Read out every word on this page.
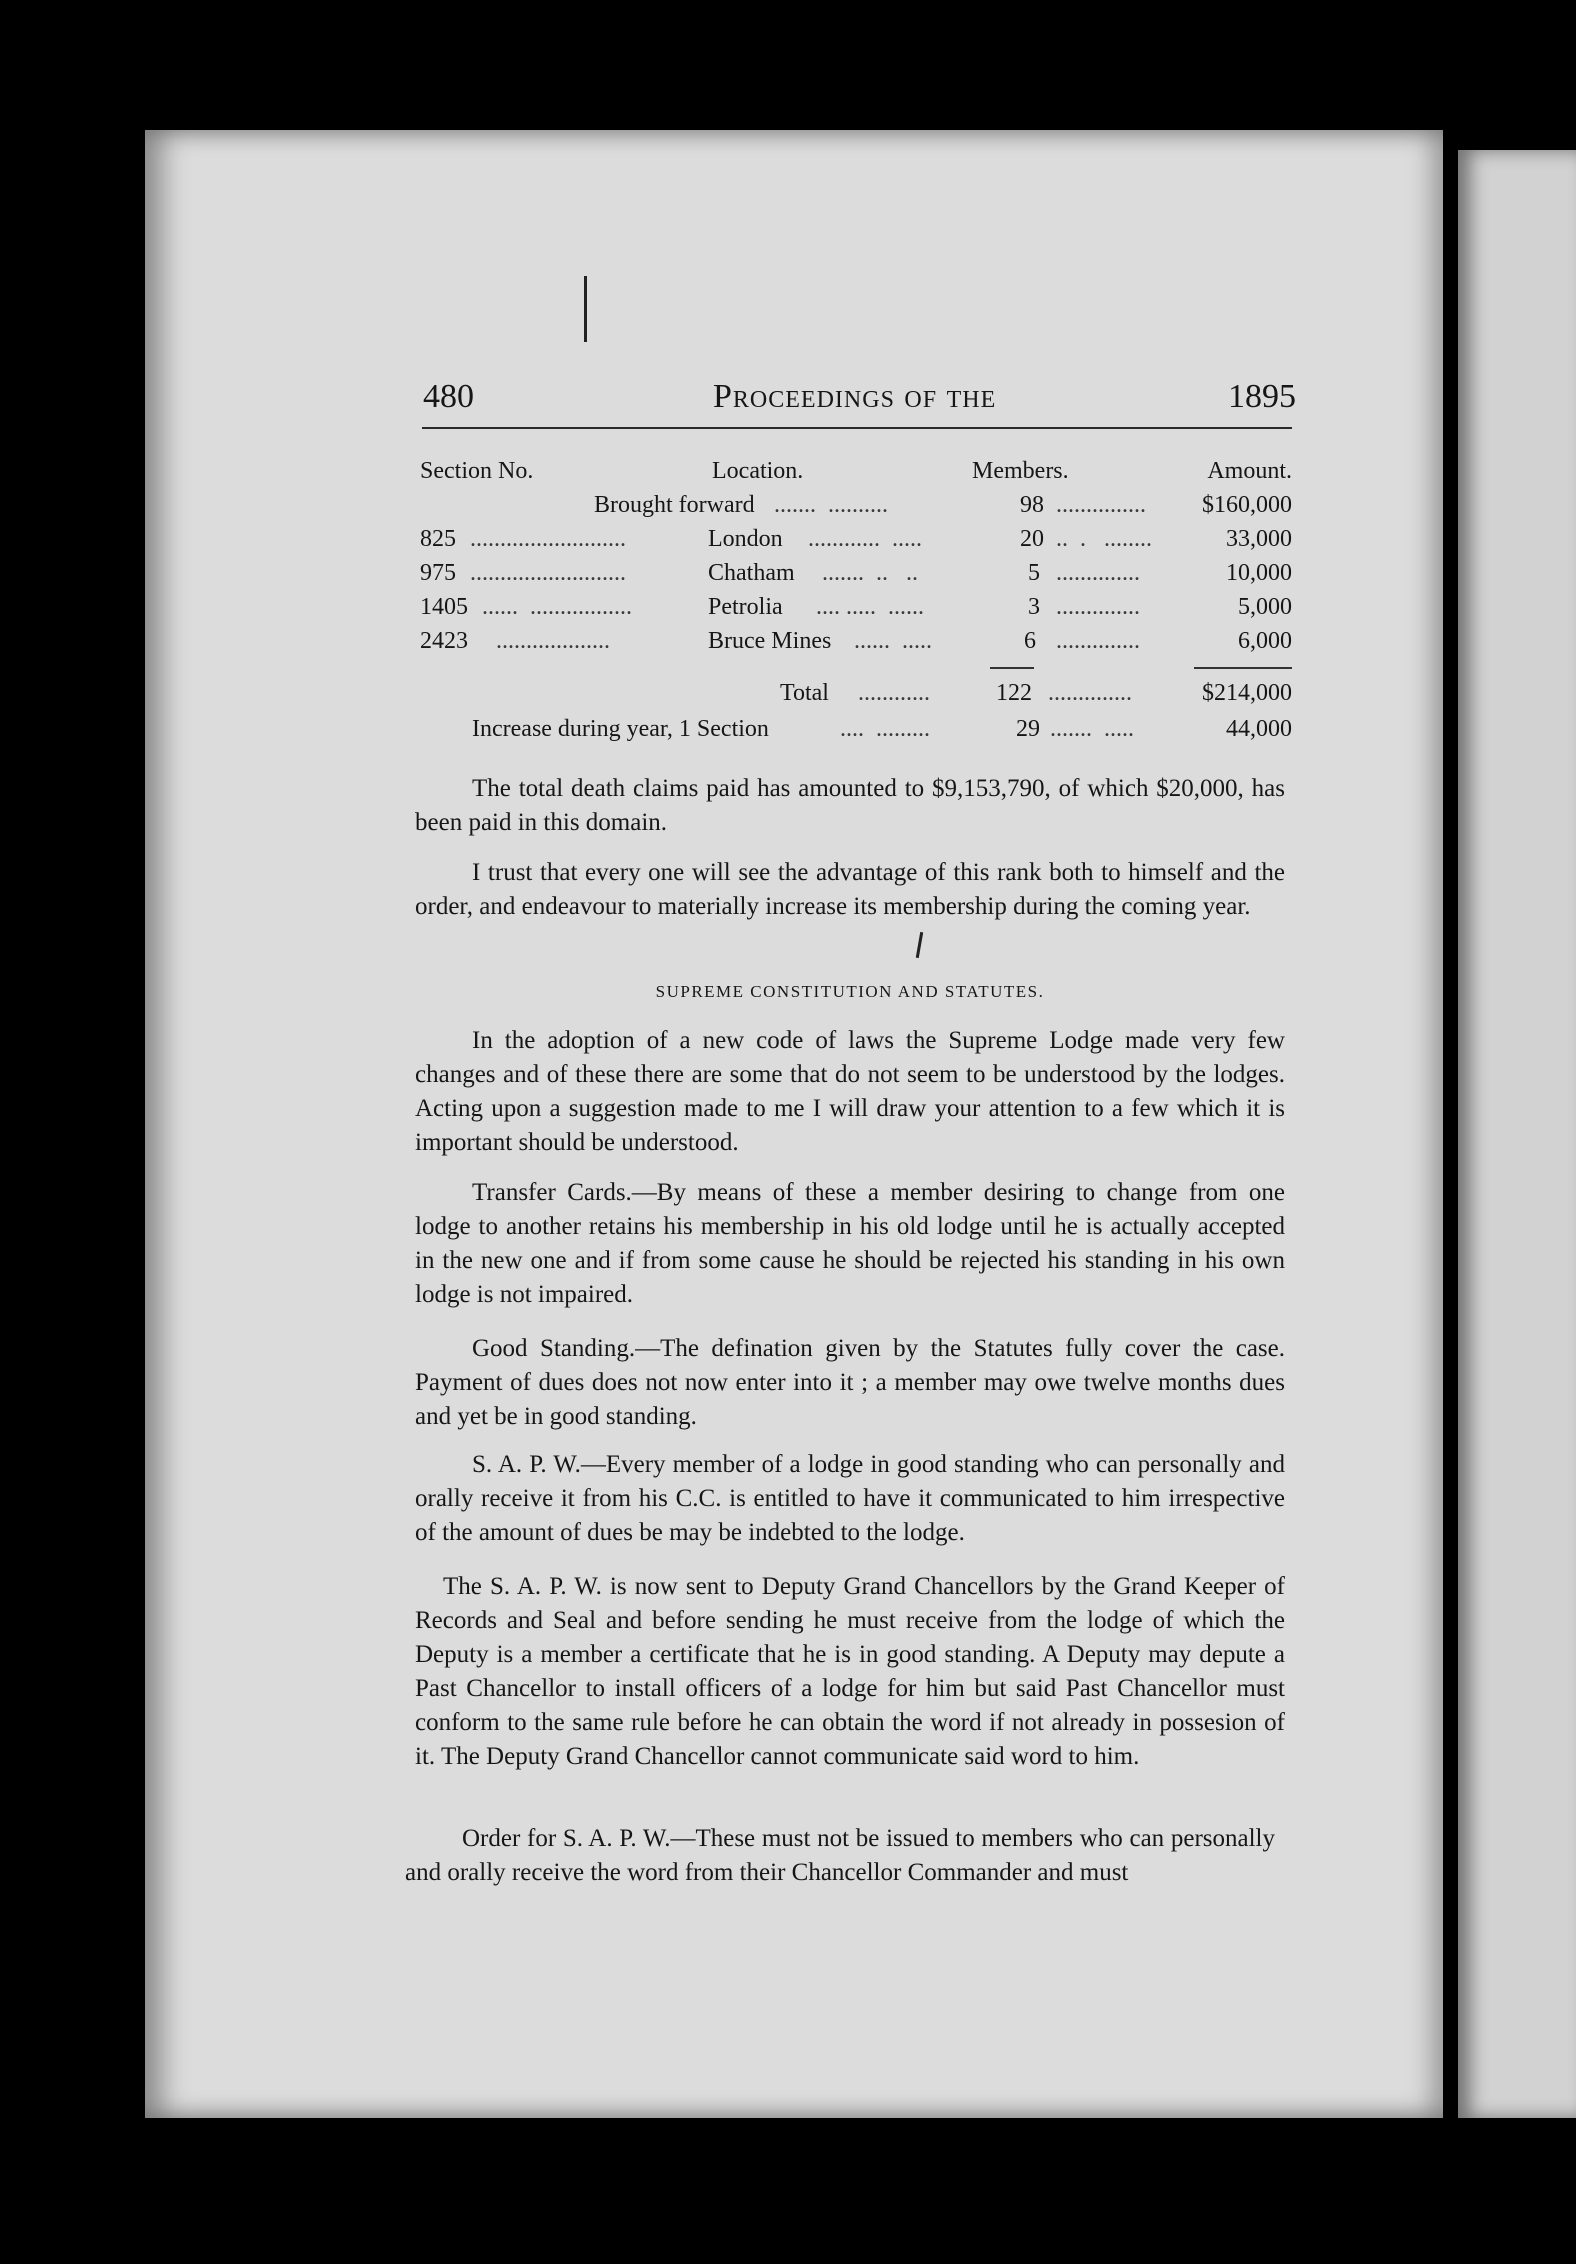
480	Proceedings of the	1895
Section No.	Location.	Members.	Amount.
Brought forward .......  ..........	98 ............... $160,000
825 ..........................	London ............  .....	20 ..  .   ........	33,000
975 ..........................	Chatham .......  ..   ..	5 ..............	10,000
1405 ......  .................	Petrolia .... .....  ......	3 ..............	5,000
2423 ...................	Bruce Mines ......  .....	6 ..............	6,000
Total ............	122 ..............	$214,000
Increase during year, 1 Section	....  .........	29 .......  .....	44,000

The total death claims paid has amounted to $9,153,790, of which $20,000, has been paid in this domain.

I trust that every one will see the advantage of this rank both to himself and the order, and endeavour to materially increase its membership during the coming year.

SUPREME CONSTITUTION AND STATUTES.

In the adoption of a new code of laws the Supreme Lodge made very few changes and of these there are some that do not seem to be understood by the lodges. Acting upon a suggestion made to me I will draw your attention to a few which it is important should be understood.

Transfer Cards.—By means of these a member desiring to change from one lodge to another retains his membership in his old lodge until he is actually accepted in the new one and if from some cause he should be rejected his standing in his own lodge is not impaired.

Good Standing.—The defination given by the Statutes fully cover the case. Payment of dues does not now enter into it ; a member may owe twelve months dues and yet be in good standing.

S. A. P. W.—Every member of a lodge in good standing who can personally and orally receive it from his C.C. is entitled to have it communicated to him irrespective of the amount of dues be may be indebted to the lodge.

The S. A. P. W. is now sent to Deputy Grand Chancellors by the Grand Keeper of Records and Seal and before sending he must receive from the lodge of which the Deputy is a member a certificate that he is in good standing. A Deputy may depute a Past Chancellor to install officers of a lodge for him but said Past Chancellor must conform to the same rule before he can obtain the word if not already in possesion of it. The Deputy Grand Chancellor cannot communicate said word to him.

Order for S. A. P. W.—These must not be issued to members who can personally and orally receive the word from their Chancellor Commander and must
